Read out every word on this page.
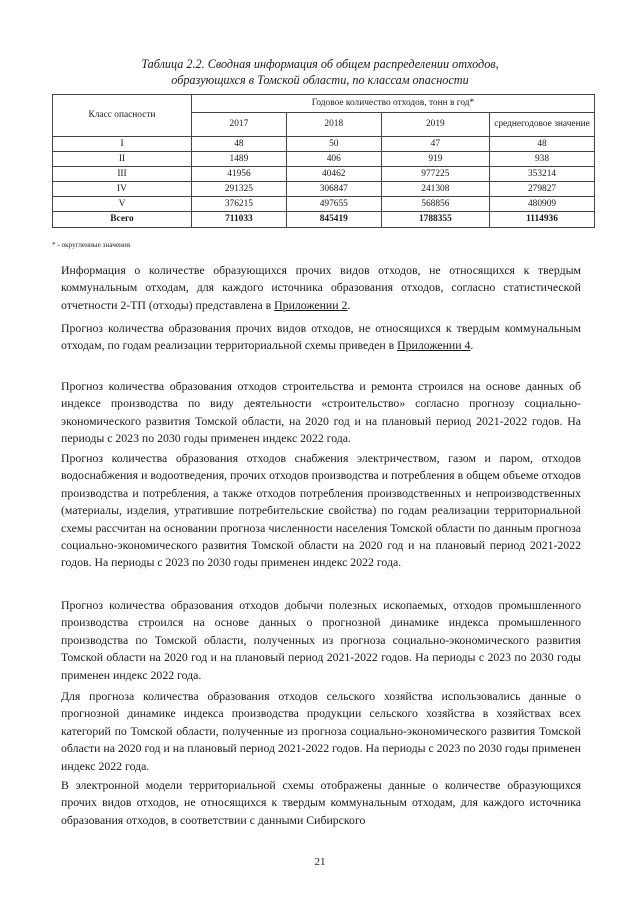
Таблица 2.2. Сводная информация об общем распределении отходов,
образующихся в Томской области, по классам опасности
Класс опасности	Годовое количество отходов, тонн в год*			
	2017	2018	2019	среднегодовое значение
I	48	50	47	48
II	1489	406	919	938
III	41956	40462	977225	353214
IV	291325	306847	241308	279827
V	376215	497655	568856	480909
Всего	711033	845419	1788355	1114936
* - округленные значения

Информация о количестве образующихся прочих видов отходов, не относящихся к твердым коммунальным отходам, для каждого источника образования отходов, согласно статистической отчетности 2-ТП (отходы) представлена в Приложении 2.

Прогноз количества образования прочих видов отходов, не относящихся к твердым коммунальным отходам, по годам реализации территориальной схемы приведен в Приложении 4.

Прогноз количества образования отходов строительства и ремонта строился на основе данных об индексе производства по виду деятельности «строительство» согласно прогнозу социально-экономического развития Томской области, на 2020 год и на плановый период 2021-2022 годов. На периоды с 2023 по 2030 годы применен индекс 2022 года.

Прогноз количества образования отходов снабжения электричеством, газом и паром, отходов водоснабжения и водоотведения, прочих отходов производства и потребления в общем объеме отходов производства и потребления, а также отходов потребления производственных и непроизводственных (материалы, изделия, утратившие потребительские свойства) по годам реализации территориальной схемы рассчитан на основании прогноза численности населения Томской области по данным прогноза социально-экономического развития Томской области на 2020 год и на плановый период 2021-2022 годов. На периоды с 2023 по 2030 годы применен индекс 2022 года.

Прогноз количества образования отходов добычи полезных ископаемых, отходов промышленного производства строился на основе данных о прогнозной динамике индекса промышленного производства по Томской области, полученных из прогноза социально-экономического развития Томской области на 2020 год и на плановый период 2021-2022 годов. На периоды с 2023 по 2030 годы применен индекс 2022 года.

Для прогноза количества образования отходов сельского хозяйства использовались данные о прогнозной динамике индекса производства продукции сельского хозяйства в хозяйствах всех категорий по Томской области, полученные из прогноза социально-экономического развития Томской области на 2020 год и на плановый период 2021-2022 годов. На периоды с 2023 по 2030 годы применен индекс 2022 года.

В электронной модели территориальной схемы отображены данные о количестве образующихся прочих видов отходов, не относящихся к твердым коммунальным отходам, для каждого источника образования отходов, в соответствии с данными Сибирского

21
